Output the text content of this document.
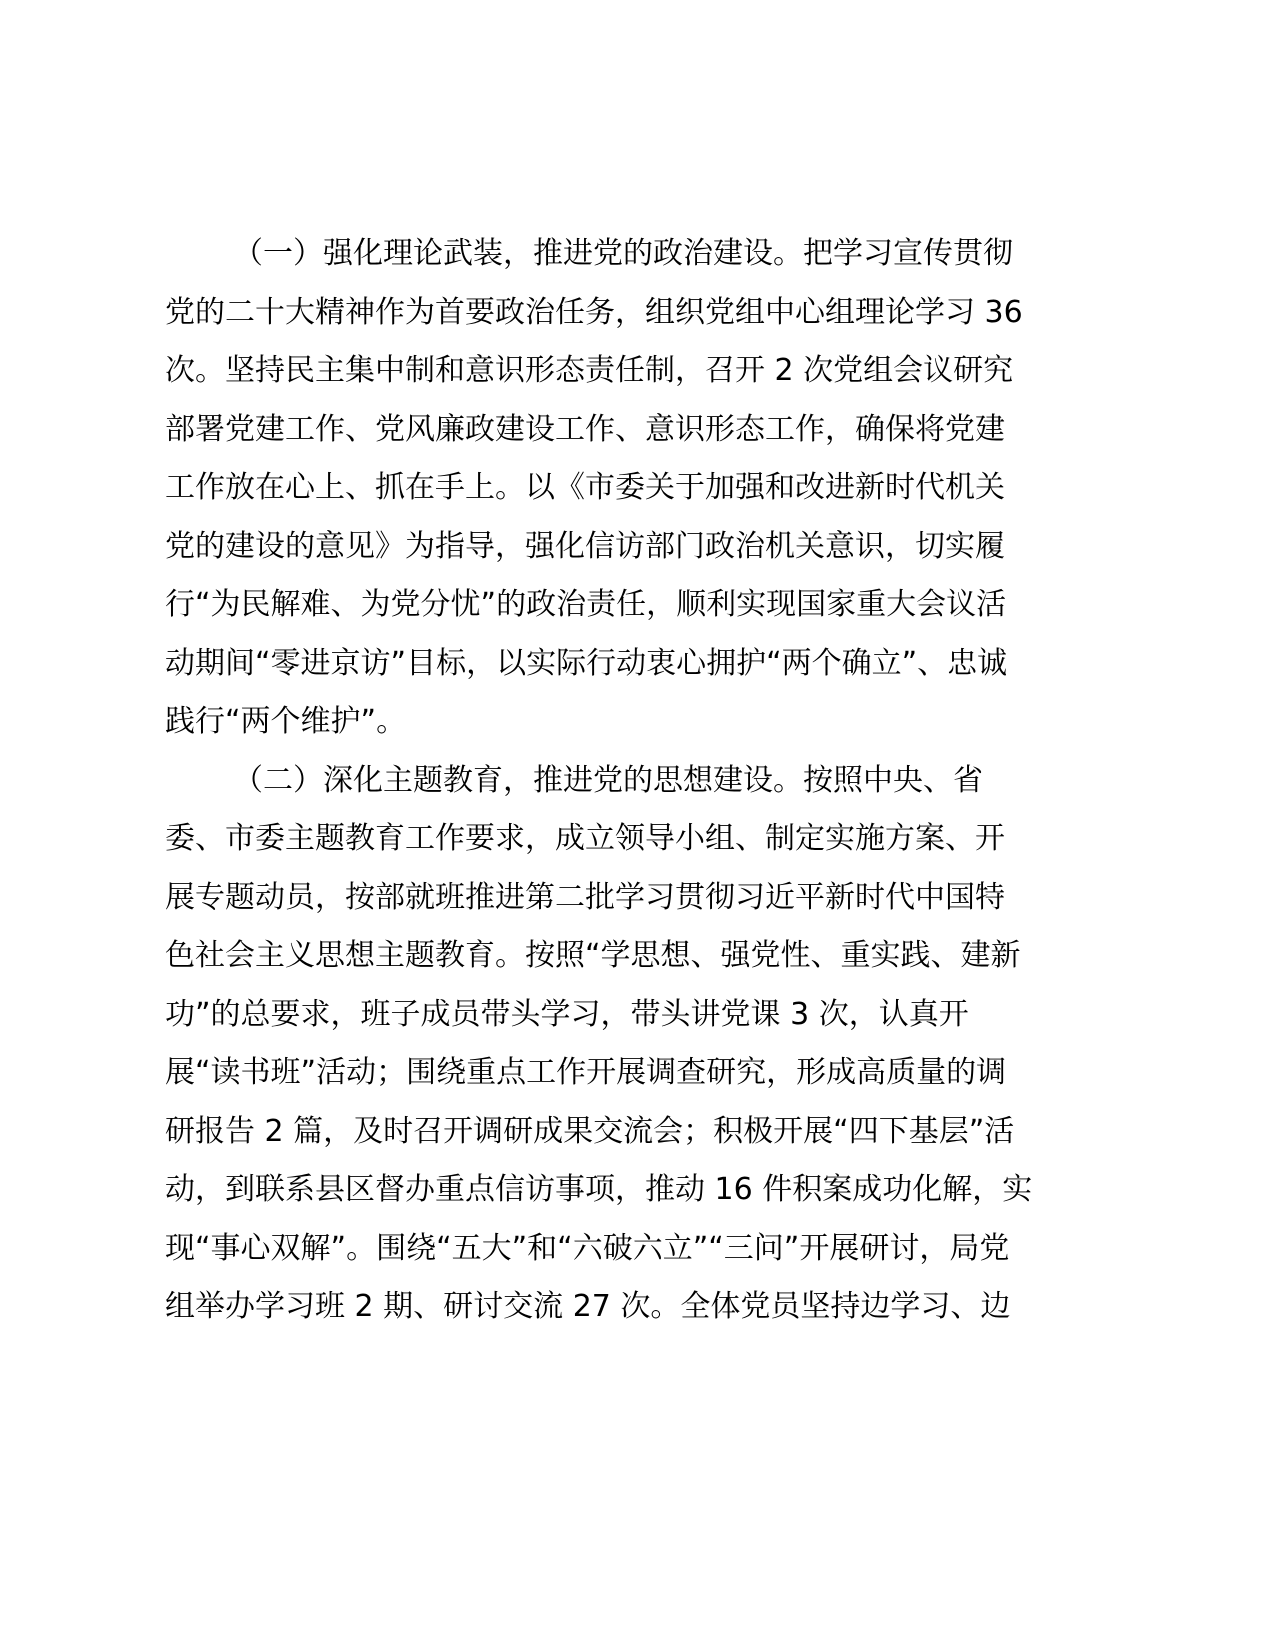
（一）强化理论武装，推进党的政治建设。把学习宣传贯彻
党的二十大精神作为首要政治任务，组织党组中心组理论学习 36
次。坚持民主集中制和意识形态责任制，召开 2 次党组会议研究
部署党建工作、党风廉政建设工作、意识形态工作，确保将党建
工作放在心上、抓在手上。以《市委关于加强和改进新时代机关
党的建设的意见》为指导，强化信访部门政治机关意识，切实履
行“为民解难、为党分忧”的政治责任，顺利实现国家重大会议活
动期间“零进京访”目标，以实际行动衷心拥护“两个确立”、忠诚
践行“两个维护”。
（二）深化主题教育，推进党的思想建设。按照中央、省
委、市委主题教育工作要求，成立领导小组、制定实施方案、开
展专题动员，按部就班推进第二批学习贯彻习近平新时代中国特
色社会主义思想主题教育。按照“学思想、强党性、重实践、建新
功”的总要求，班子成员带头学习，带头讲党课 3 次，认真开
展“读书班”活动；围绕重点工作开展调查研究，形成高质量的调
研报告 2 篇，及时召开调研成果交流会；积极开展“四下基层”活
动，到联系县区督办重点信访事项，推动 16 件积案成功化解，实
现“事心双解”。围绕“五大”和“六破六立”“三问”开展研讨，局党
组举办学习班 2 期、研讨交流 27 次。全体党员坚持边学习、边
